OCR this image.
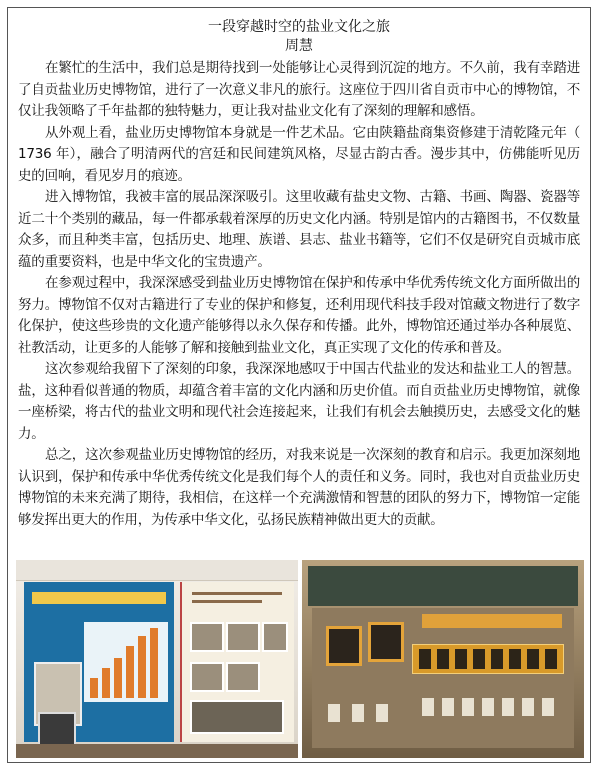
一段穿越时空的盐业文化之旅
周慧

在繁忙的生活中，我们总是期待找到一处能够让心灵得到沉淀的地方。不久前，我有幸踏进了自贡盐业历史博物馆，进行了一次意义非凡的旅行。这座位于四川省自贡市中心的博物馆，不仅让我领略了千年盐都的独特魅力，更让我对盐业文化有了深刻的理解和感悟。

从外观上看，盐业历史博物馆本身就是一件艺术品。它由陕籍盐商集资修建于清乾隆元年（ 1736 年），融合了明清两代的宫廷和民间建筑风格，尽显古韵古香。漫步其中，仿佛能听见历史的回响，看见岁月的痕迹。

进入博物馆，我被丰富的展品深深吸引。这里收藏有盐史文物、古籍、书画、陶器、瓷器等近二十个类别的藏品，每一件都承载着深厚的历史文化内涵。特别是馆内的古籍图书，不仅数量众多，而且种类丰富，包括历史、地理、族谱、县志、盐业书籍等，它们不仅是研究自贡城市底蕴的重要资料，也是中华文化的宝贵遗产。

在参观过程中，我深深感受到盐业历史博物馆在保护和传承中华优秀传统文化方面所做出的努力。博物馆不仅对古籍进行了专业的保护和修复，还利用现代科技手段对馆藏文物进行了数字化保护，使这些珍贵的文化遗产能够得以永久保存和传播。此外，博物馆还通过举办各种展览、社教活动，让更多的人能够了解和接触到盐业文化，真正实现了文化的传承和普及。

这次参观给我留下了深刻的印象，我深深地感叹于中国古代盐业的发达和盐业工人的智慧。盐，这种看似普通的物质，却蕴含着丰富的文化内涵和历史价值。而自贡盐业历史博物馆，就像一座桥梁，将古代的盐业文明和现代社会连接起来，让我们有机会去触摸历史，去感受文化的魅力。

总之，这次参观盐业历史博物馆的经历，对我来说是一次深刻的教育和启示。我更加深刻地认识到，保护和传承中华优秀传统文化是我们每个人的责任和义务。同时，我也对自贡盐业历史博物馆的未来充满了期待，我相信，在这样一个充满激情和智慧的团队的努力下，博物馆一定能够发挥出更大的作用，为传承中华文化，弘扬民族精神做出更大的贡献。
